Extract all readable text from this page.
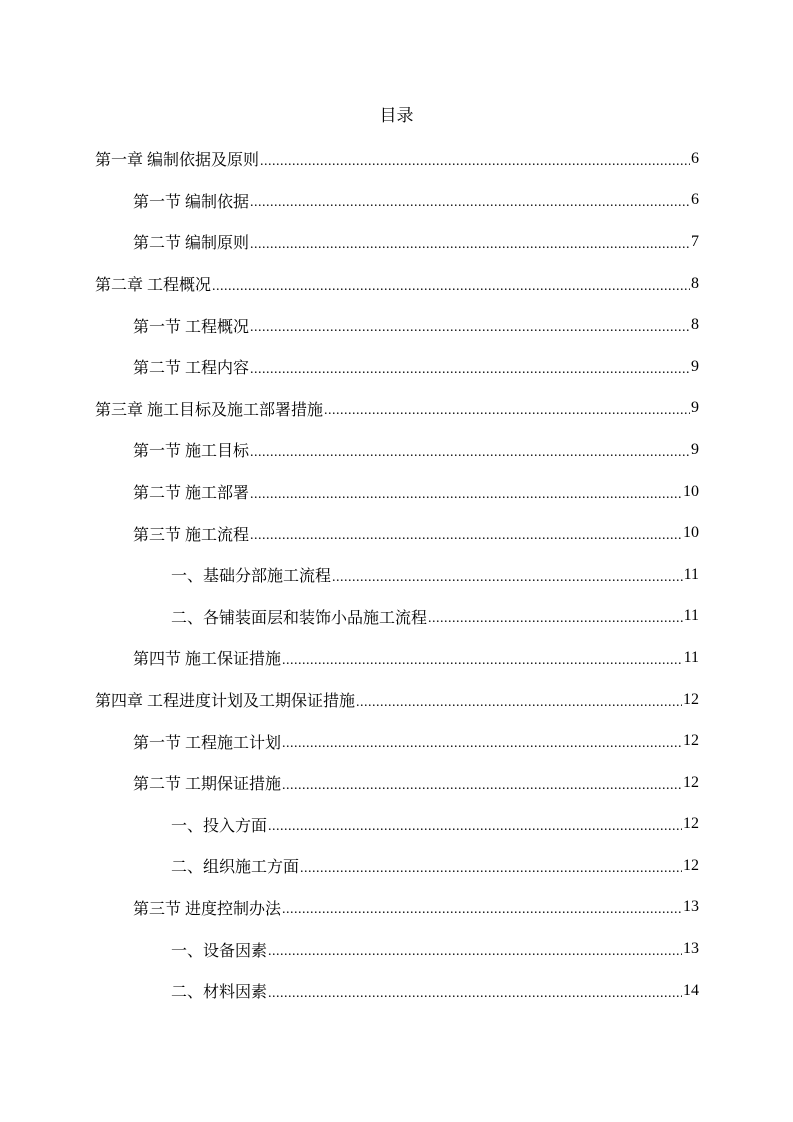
目录
第一章 编制依据及原则 .....	6
第一节 编制依据 .....	6
第二节 编制原则 .....	7
第二章 工程概况 .....	8
第一节 工程概况 .....	8
第二节 工程内容 .....	9
第三章 施工目标及施工部署措施 .....	9
第一节 施工目标 .....	9
第二节 施工部署 .....	10
第三节 施工流程 .....	10
一、基础分部施工流程 .....	11
二、各铺装面层和装饰小品施工流程 .....	11
第四节 施工保证措施 .....	11
第四章 工程进度计划及工期保证措施 .....	12
第一节 工程施工计划 .....	12
第二节 工期保证措施 .....	12
一、投入方面 .....	12
二、组织施工方面 .....	12
第三节 进度控制办法 .....	13
一、设备因素 .....	13
二、材料因素 .....	14
